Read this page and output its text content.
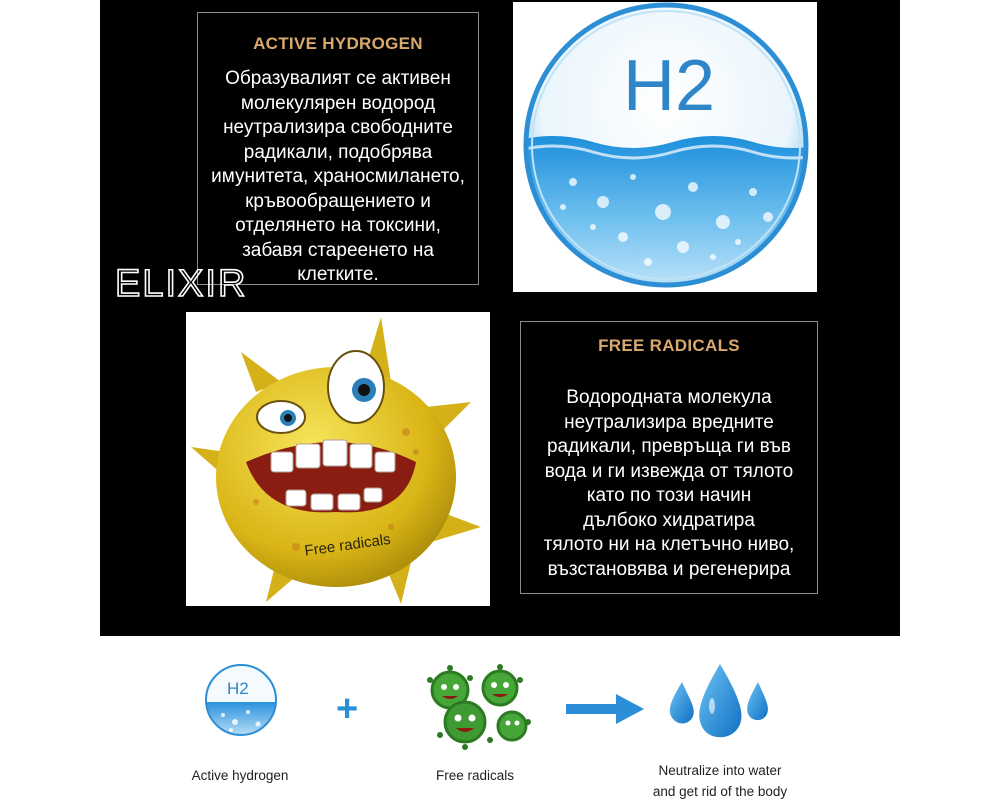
ACTIVE HYDROGEN
Образувалият се активен
молекулярен водород
неутрализира свободните
радикали, подобрява
имунитета, храносмилането,
кръвообращението и
отделянето на токсини,
забавя стареенето на
клетките.
H2
ELIXIR
Free radicals
FREE RADICALS
Водородната молекула
неутрализира вредните
радикали, превръща ги във
вода и ги извежда от тялото
като по този начин
дълбоко хидратира
тялото ни на клетъчно ниво,
възстановява и регенерира
H2 +
Active hydrogen	Free radicals	Neutralize into water
and get rid of the body
